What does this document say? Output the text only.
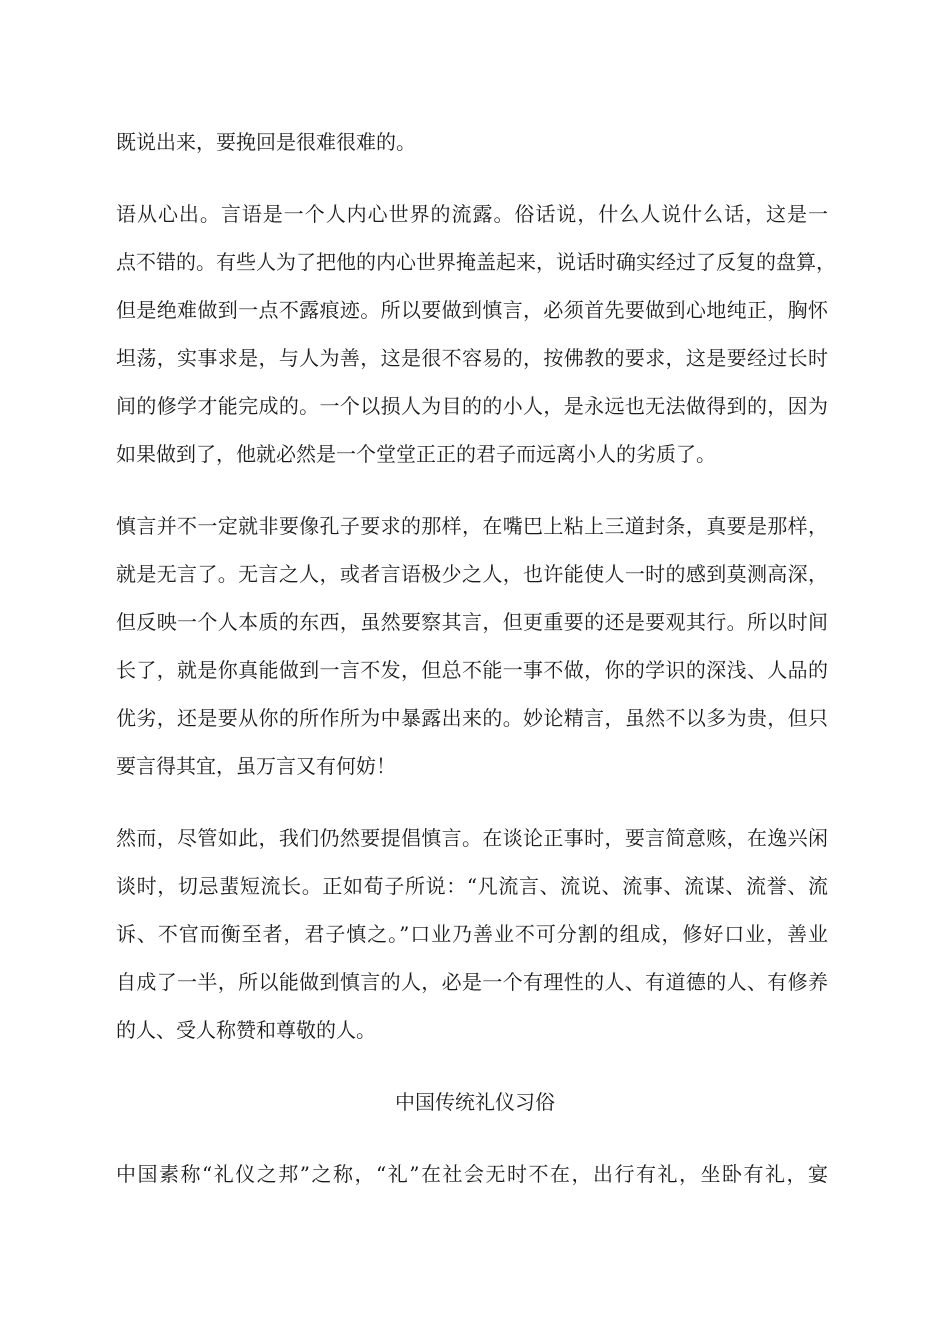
既说出来，要挽回是很难很难的。
语从心出。言语是一个人内心世界的流露。俗话说，什么人说什么话，这是一
点不错的。有些人为了把他的内心世界掩盖起来，说话时确实经过了反复的盘算，
但是绝难做到一点不露痕迹。所以要做到慎言，必须首先要做到心地纯正，胸怀
坦荡，实事求是，与人为善，这是很不容易的，按佛教的要求，这是要经过长时
间的修学才能完成的。一个以损人为目的的小人，是永远也无法做得到的，因为
如果做到了，他就必然是一个堂堂正正的君子而远离小人的劣质了。
慎言并不一定就非要像孔子要求的那样，在嘴巴上粘上三道封条，真要是那样，
就是无言了。无言之人，或者言语极少之人，也许能使人一时的感到莫测高深，
但反映一个人本质的东西，虽然要察其言，但更重要的还是要观其行。所以时间
长了，就是你真能做到一言不发，但总不能一事不做，你的学识的深浅、人品的
优劣，还是要从你的所作所为中暴露出来的。妙论精言，虽然不以多为贵，但只
要言得其宜，虽万言又有何妨！
然而，尽管如此，我们仍然要提倡慎言。在谈论正事时，要言简意赅，在逸兴闲
谈时，切忌蜚短流长。正如荀子所说：“凡流言、流说、流事、流谋、流誉、流
诉、不官而衡至者，君子慎之。”口业乃善业不可分割的组成，修好口业，善业
自成了一半，所以能做到慎言的人，必是一个有理性的人、有道德的人、有修养
的人、受人称赞和尊敬的人。
中国传统礼仪习俗
中国素称“礼仪之邦”之称，“礼”在社会无时不在，出行有礼，坐卧有礼，宴
